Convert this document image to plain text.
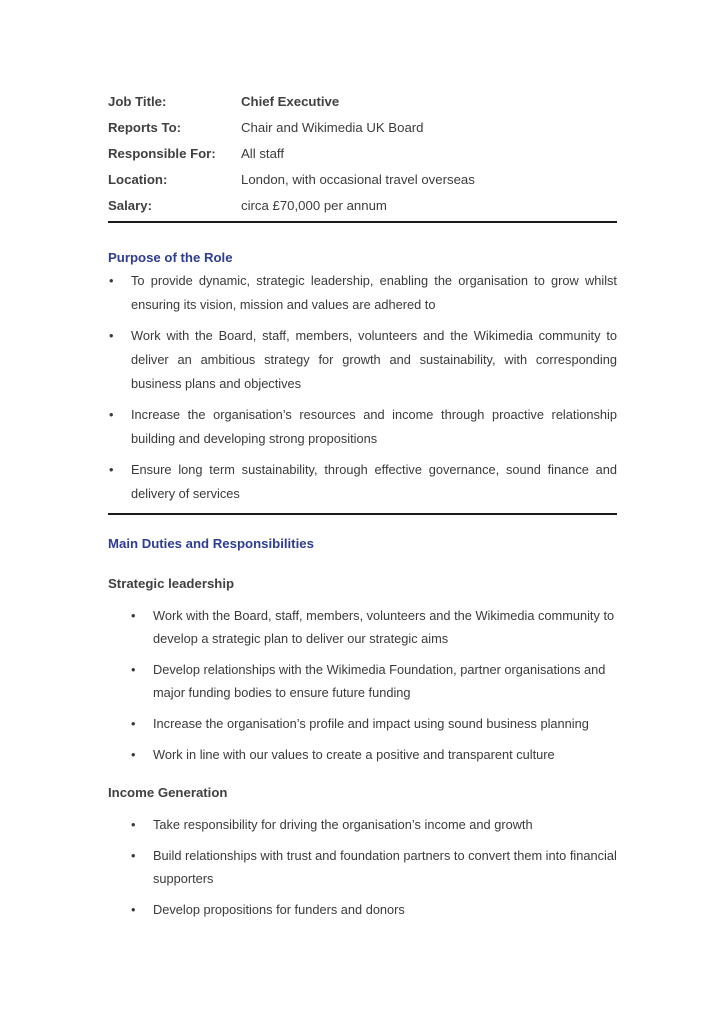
Job Title:	Chief Executive
Reports To:	Chair and Wikimedia UK Board
Responsible For:	All staff
Location:	London, with occasional travel overseas
Salary:	circa £70,000 per annum
Purpose of the Role
• To provide dynamic, strategic leadership, enabling the organisation to grow whilst ensuring its vision, mission and values are adhered to
• Work with the Board, staff, members, volunteers and the Wikimedia community to deliver an ambitious strategy for growth and sustainability, with corresponding business plans and objectives
• Increase the organisation’s resources and income through proactive relationship building and developing strong propositions
• Ensure long term sustainability, through effective governance, sound finance and delivery of services
Main Duties and Responsibilities
Strategic leadership
• Work with the Board, staff, members, volunteers and the Wikimedia community to develop a strategic plan to deliver our strategic aims
• Develop relationships with the Wikimedia Foundation, partner organisations and major funding bodies to ensure future funding
• Increase the organisation’s profile and impact using sound business planning
• Work in line with our values to create a positive and transparent culture
Income Generation
• Take responsibility for driving the organisation’s income and growth
• Build relationships with trust and foundation partners to convert them into financial supporters
• Develop propositions for funders and donors
